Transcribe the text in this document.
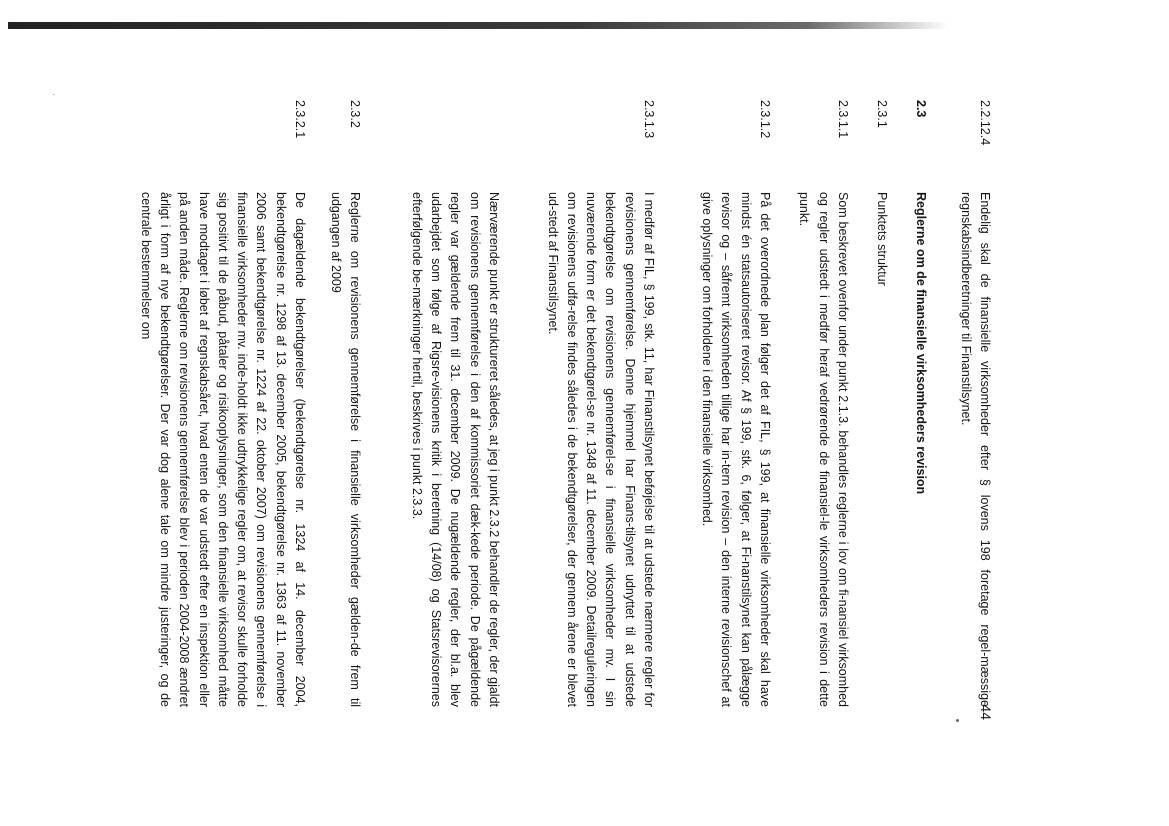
·
44
2.2.12.4

Endelig skal de finansielle virksomheder efter § lovens 198 foretage regel-mæssige regnskabsindberetninger til Finanstilsynet.

2.3

Reglerne om de finansielle virksomheders revision

2.3.1

Punktets struktur

2.3.1.1

Som beskrevet ovenfor under punkt 2.1.3. behandles reglerne i lov om fi-nansiel virksomhed og regler udstedt i medfør heraf vedrørende de finansiel-le virksomheders revision i dette punkt.

2.3.1.2

På det overordnede plan følger det af FIL, § 199, at finansielle virksomheder skal have mindst én statsautoriseret revisor. Af § 199, stk. 6, følger, at Fi-nanstilsynet kan pålægge revisor og – såfremt virksomheden tillige har in-tern revision – den interne revisionschef at give oplysninger om forholdene i den finansielle virksomhed.

2.3.1.3

I medfør af FIL, § 199, stk. 11, har Finanstilsynet beføjelse til at udstede nærmere regler for revisionens gennemførelse. Denne hjemmel har Finans-tilsynet udnyttet til at udstede bekendtgørelse om revisionens gennemførel-se i finansielle virksomheder mv. I sin nuværende form er det bekendtgørel-se nr. 1348 af 11. december 2009. Detailreguleringen om revisionens udfø-relse findes således i de bekendtgørelser, der gennem årene er blevet ud-stedt af Finanstilsynet.

Nærværende punkt er struktureret således, at jeg i punkt 2.3.2 behandler de regler, der gjaldt om revisionens gennemførelse i den af kommissoriet dæk-kede periode. De pågældende regler var gældende frem til 31. december 2009. De nugældende regler, der bl.a. blev udarbejdet som følge af Rigsre-visionens kritik i beretning (14/08) og Statsrevisorernes efterfølgende be-mærkninger hertil, beskrives i punkt 2.3.3.

2.3.2

Reglerne om revisionens gennemførelse i finansielle virksomheder gælden-de frem til udgangen af 2009

2.3.2.1

De dagældende bekendtgørelser (bekendtgørelse nr. 1324 af 14. december 2004, bekendtgørelse nr. 1298 af 13. december 2005, bekendtgørelse nr. 1363 af 11. november 2006 samt bekendtgørelse nr. 1224 af 22. oktober 2007) om revisionens gennemførelse i finansielle virksomheder mv. inde-holdt ikke udtrykkelige regler om, at revisor skulle forholde sig positivt til de påbud, påtaler og risikooplysninger, som den finansielle virksomhed måtte have modtaget i løbet af regnskabsåret, hvad enten de var udstedt efter en inspektion eller på anden måde. Reglerne om revisionens gennemførelse blev i perioden 2004-2008 ændret årligt i form af nye bekendtgørelser. Der var dog alene tale om mindre justeringer, og de centrale bestemmelser om
